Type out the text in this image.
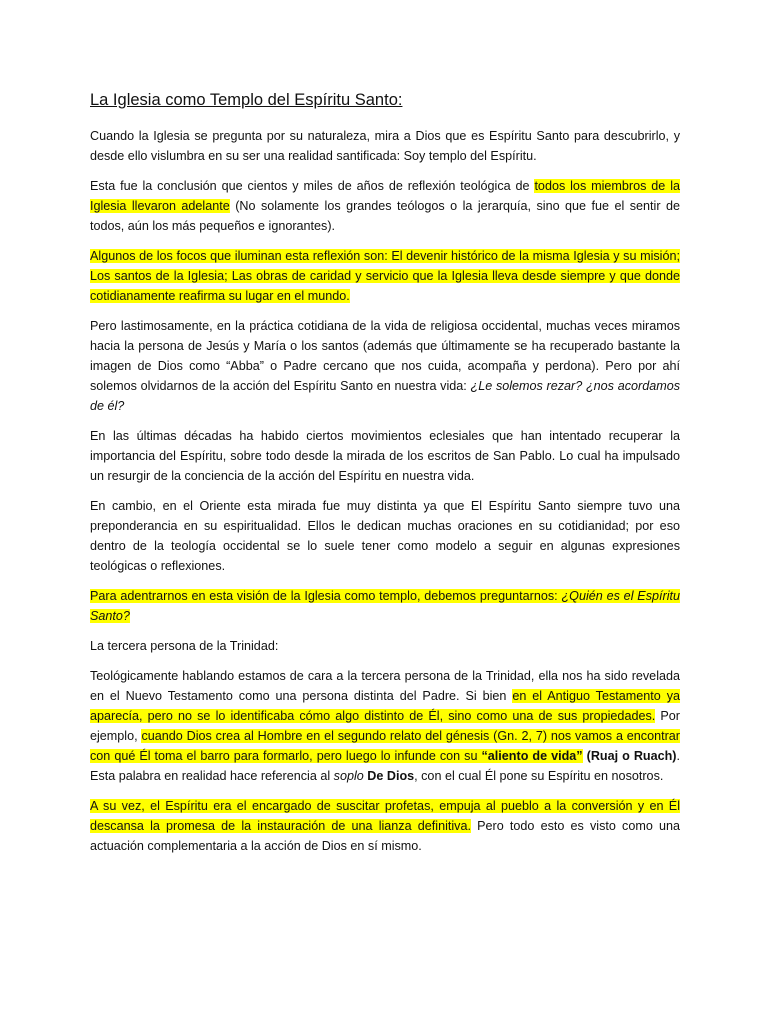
La Iglesia como Templo del Espíritu Santo:

Cuando la Iglesia se pregunta por su naturaleza, mira a Dios que es Espíritu Santo para descubrirlo, y desde ello vislumbra en su ser una realidad santificada: Soy templo del Espíritu.

Esta fue la conclusión que cientos y miles de años de reflexión teológica de todos los miembros de la Iglesia llevaron adelante (No solamente los grandes teólogos o la jerarquía, sino que fue el sentir de todos, aún los más pequeños e ignorantes).

Algunos de los focos que iluminan esta reflexión son: El devenir histórico de la misma Iglesia y su misión; Los santos de la Iglesia; Las obras de caridad y servicio que la Iglesia lleva desde siempre y que donde cotidianamente reafirma su lugar en el mundo.

Pero lastimosamente, en la práctica cotidiana de la vida de religiosa occidental, muchas veces miramos hacia la persona de Jesús y María o los santos (además que últimamente se ha recuperado bastante la imagen de Dios como “Abba” o Padre cercano que nos cuida, acompaña y perdona). Pero por ahí solemos olvidarnos de la acción del Espíritu Santo en nuestra vida: ¿Le solemos rezar? ¿nos acordamos de él?

En las últimas décadas ha habido ciertos movimientos eclesiales que han intentado recuperar la importancia del Espíritu, sobre todo desde la mirada de los escritos de San Pablo. Lo cual ha impulsado un resurgir de la conciencia de la acción del Espíritu en nuestra vida.

En cambio, en el Oriente esta mirada fue muy distinta ya que El Espíritu Santo siempre tuvo una preponderancia en su espiritualidad. Ellos le dedican muchas oraciones en su cotidianidad; por eso dentro de la teología occidental se lo suele tener como modelo a seguir en algunas expresiones teológicas o reflexiones.

Para adentrarnos en esta visión de la Iglesia como templo, debemos preguntarnos: ¿Quién es el Espíritu Santo?

La tercera persona de la Trinidad:

Teológicamente hablando estamos de cara a la tercera persona de la Trinidad, ella nos ha sido revelada en el Nuevo Testamento como una persona distinta del Padre. Si bien en el Antiguo Testamento ya aparecía, pero no se lo identificaba cómo algo distinto de Él, sino como una de sus propiedades. Por ejemplo, cuando Dios crea al Hombre en el segundo relato del génesis (Gn. 2, 7) nos vamos a encontrar con qué Él toma el barro para formarlo, pero luego lo infunde con su “aliento de vida” (Ruaj o Ruach). Esta palabra en realidad hace referencia al soplo De Dios, con el cual Él pone su Espíritu en nosotros.

A su vez, el Espíritu era el encargado de suscitar profetas, empuja al pueblo a la conversión y en Él descansa la promesa de la instauración de una lianza definitiva. Pero todo esto es visto como una actuación complementaria a la acción de Dios en sí mismo.
